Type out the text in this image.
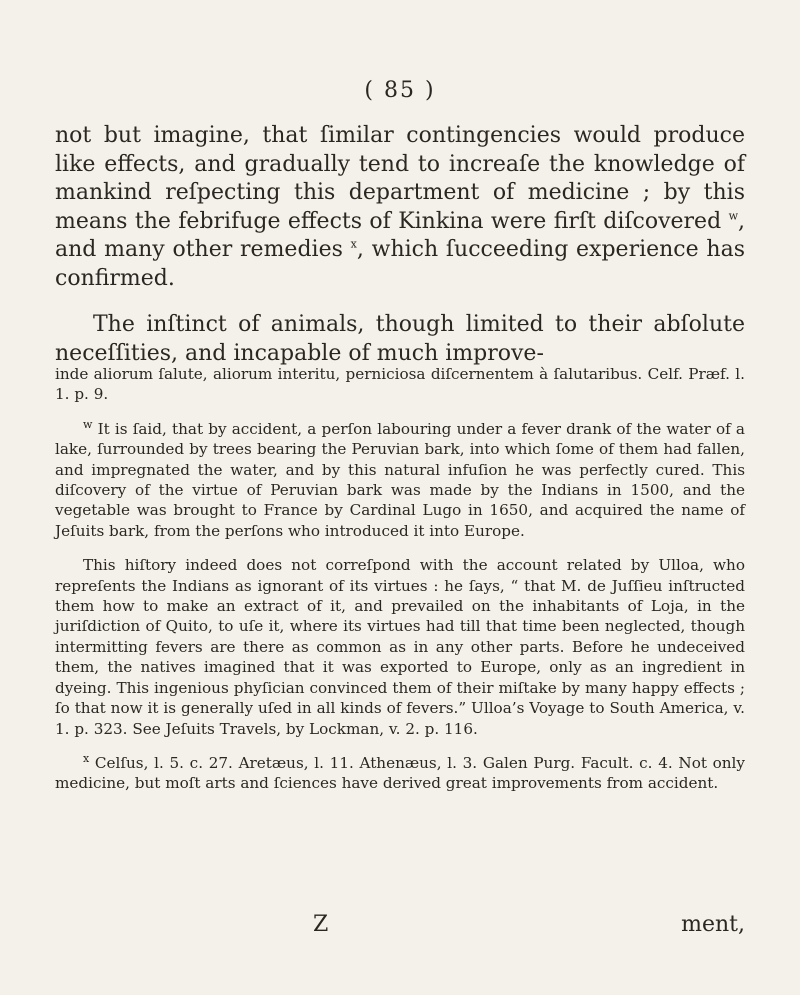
( 85 )

not but imagine, that ſimilar contingencies would produce like effects, and gradually tend to increaſe the knowledge of mankind reſpecting this department of medicine ; by this means the febrifuge effects of Kinkina were firſt diſcovered $^w$, and many other remedies $^x$, which ſucceeding experience has confirmed.

The inſtinct of animals, though limited to their abſolute neceſſities, and incapable of much improve-

inde aliorum ſalute, aliorum interitu, perniciosa diſcernentem à ſalutaribus. Celf. Præf. l. 1. p. 9.

$^w$ It is ſaid, that by accident, a perſon labouring under a fever drank of the water of a lake, ſurrounded by trees bearing the Peruvian bark, into which ſome of them had fallen, and impregnated the water, and by this natural infuſion he was perfectly cured. This diſcovery of the virtue of Peruvian bark was made by the Indians in 1500, and the vegetable was brought to France by Cardinal Lugo in 1650, and acquired the name of Jeſuits bark, from the perſons who introduced it into Europe.

This hiſtory indeed does not correſpond with the account related by Ulloa, who repreſents the Indians as ignorant of its virtues : he ſays, “ that M. de Juſſieu inſtructed them how to make an extract of it, and prevailed on the inhabitants of Loja, in the juriſdiction of Quito, to uſe it, where its virtues had till that time been neglected, though intermitting fevers are there as common as in any other parts. Before he undeceived them, the natives imagined that it was exported to Europe, only as an ingredient in dyeing. This ingenious phyſician convinced them of their miſtake by many happy effects ; ſo that now it is generally uſed in all kinds of fevers.” Ulloa’s Voyage to South America, v. 1. p. 323. See Jeſuits Travels, by Lockman, v. 2. p. 116.

$^x$ Celſus, l. 5. c. 27. Aretæus, l. 11. Athenæus, l. 3. Galen Purg. Facult. c. 4. Not only medicine, but moſt arts and ſciences have derived great improvements from accident.

Z	ment,
